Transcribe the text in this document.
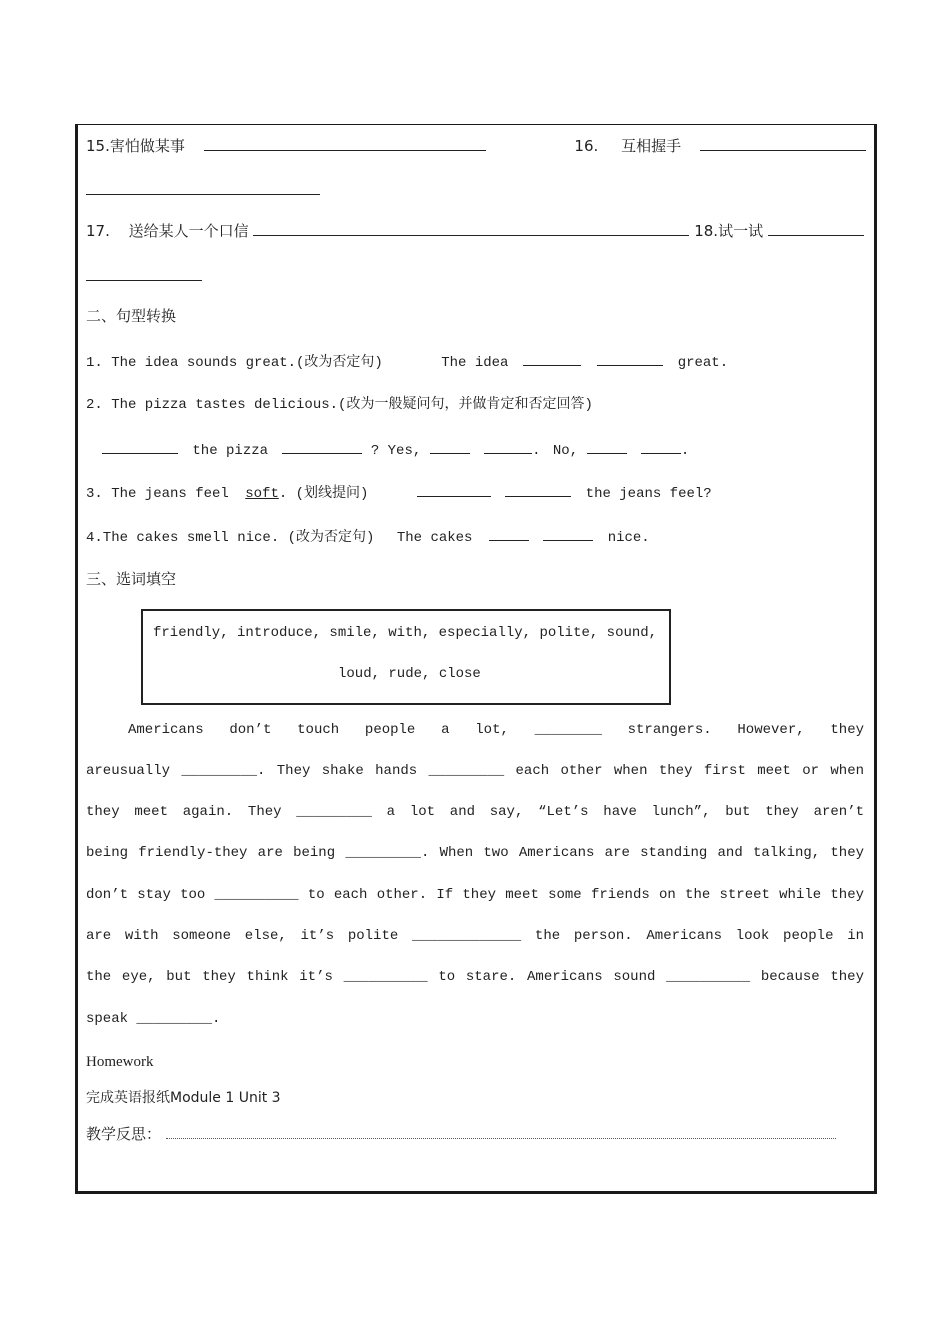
15.害怕做某事	16. 互相握手
17. 送给某人一个口信	18.试一试
二、句型转换
1. The idea sounds great.(改为否定句)	The idea	great.
2. The pizza tastes delicious.(改为一般疑问句，并做肯定和否定回答)
the pizza	? Yes,	. No,	.
3. The jeans feel soft. (划线提问)	the jeans feel?
4.The cakes smell nice. (改为否定句) The cakes	nice.
三、选词填空
friendly, introduce, smile, with, especially, polite, sound,
loud, rude, close
Americans don’t touch people a lot, ________ strangers. However, they
areusually _________. They shake hands _________ each other when they first meet or when
they meet again. They _________ a lot and say, “Let’s have lunch”, but they aren’t
being friendly-they are being _________. When two Americans are standing and talking, they
don’t stay too __________ to each other. If they meet some friends on the street while they
are with someone else, it’s polite _____________ the person. Americans look people in
the eye, but they think it’s __________ to stare. Americans sound __________ because they
speak _________.
Homework
完成英语报纸Module 1 Unit 3
教学反思：
